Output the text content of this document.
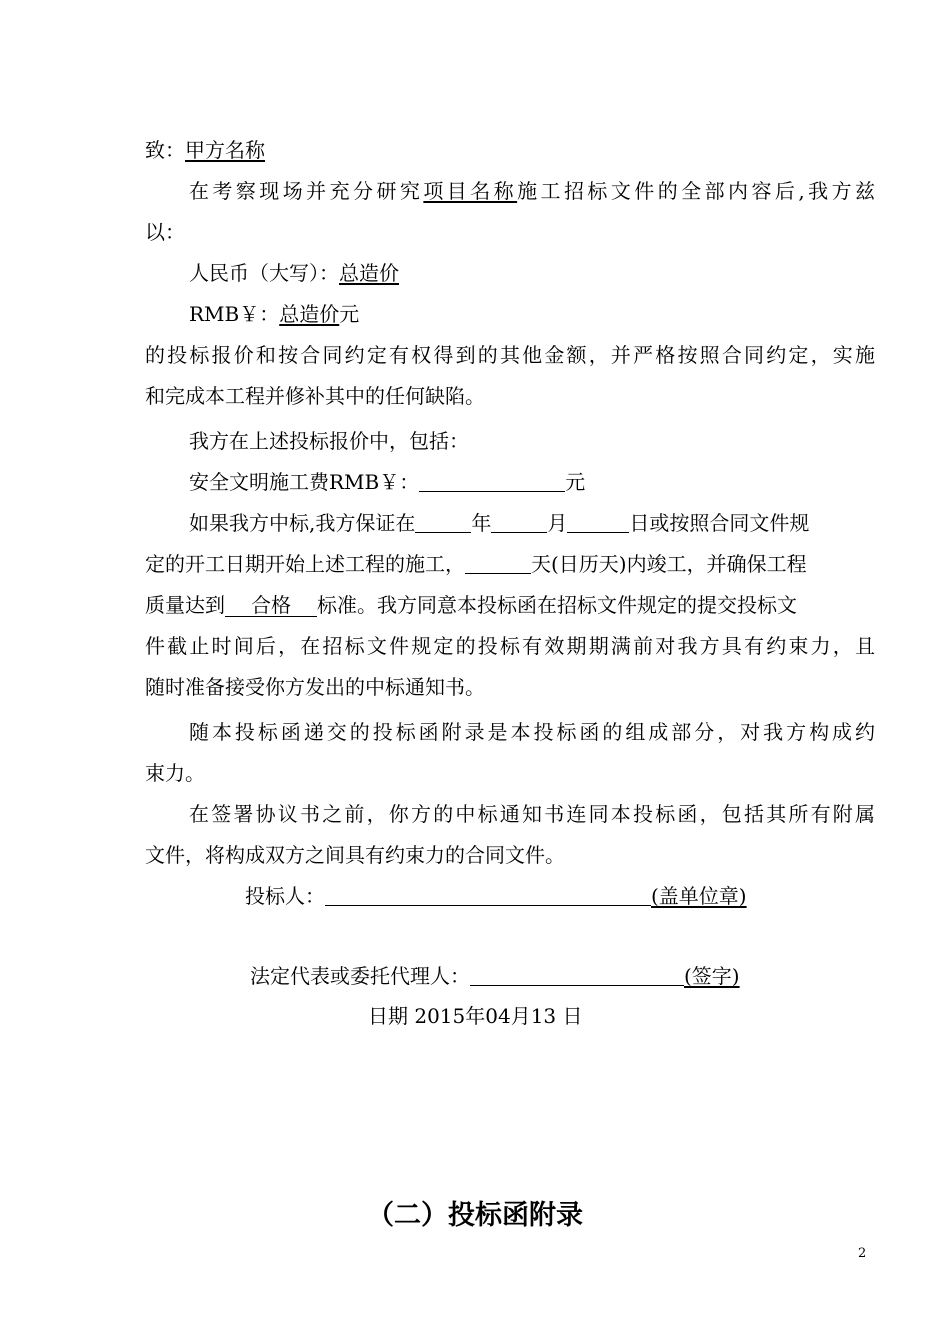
致：甲方名称
在考察现场并充分研究项目名称施工招标文件的全部内容后,我方兹
以：
人民币（大写）：总造价
RMB￥：总造价元
的投标报价和按合同约定有权得到的其他金额，并严格按照合同约定，实施
和完成本工程并修补其中的任何缺陷。
我方在上述投标报价中，包括：
安全文明施工费RMB￥：	元
如果我方中标,我方保证在	年	月	日或按照合同文件规
定的开工日期开始上述工程的施工，	天(日历天)内竣工，并确保工程
质量达到 合格 标准。我方同意本投标函在招标文件规定的提交投标文
件截止时间后，在招标文件规定的投标有效期期满前对我方具有约束力，且
随时准备接受你方发出的中标通知书。
随本投标函递交的投标函附录是本投标函的组成部分，对我方构成约
束力。
在签署协议书之前，你方的中标通知书连同本投标函，包括其所有附属
文件，将构成双方之间具有约束力的合同文件。
投标人：	(盖单位章)
法定代表或委托代理人：	(签字)
日期 2015年04月13 日
（二）投标函附录
2
